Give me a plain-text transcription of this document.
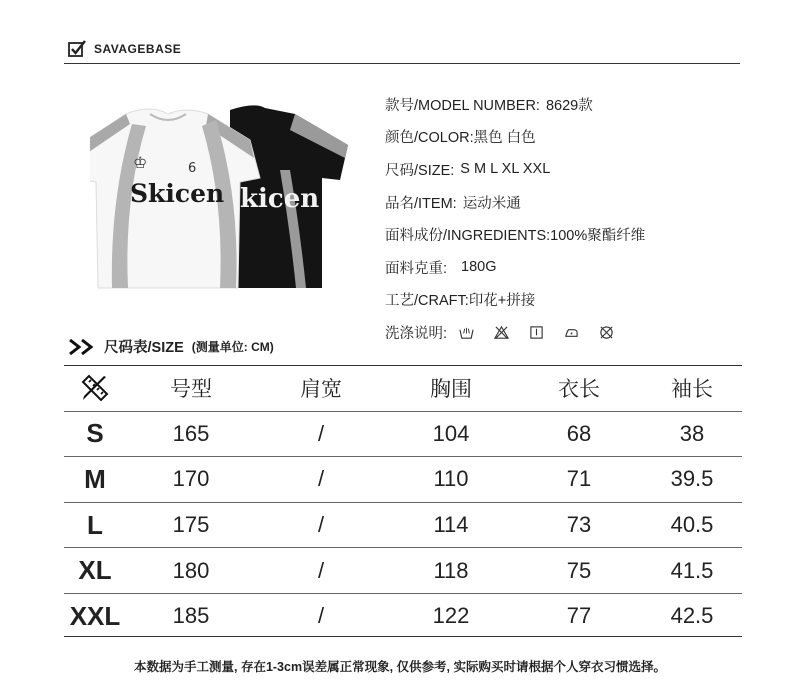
SAVAGEBASE
kicen
♔	6
Skicen
款号/MODEL NUMBER: 8629款
颜色/COLOR: 黑色 白色
尺码/SIZE: S M L XL XXL
品名/ITEM: 运动米通
面料成份/INGREDIENTS: 100%聚酯纤维
面料克重: 180G
工艺/CRAFT: 印花+拼接
洗涤说明:
尺码表/SIZE (测量单位: CM)
	号型	肩宽	胸围	衣长	袖长
S	165	/	104	68	38
M	170	/	110	71	39.5
L	175	/	114	73	40.5
XL	180	/	118	75	41.5
XXL	185	/	122	77	42.5
本数据为手工测量, 存在1-3cm误差属正常现象, 仅供参考, 实际购买时请根据个人穿衣习惯选择。
